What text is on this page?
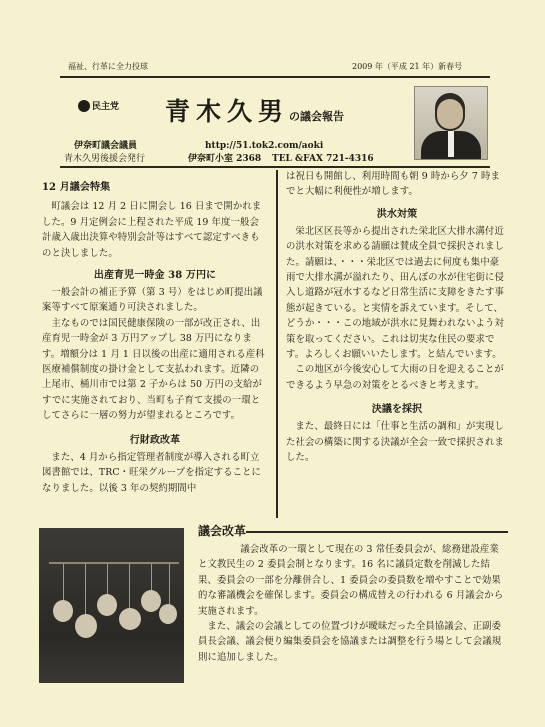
福祉、行革に全力投球	2009 年（平成 21 年）新春号
民主党 青木久男の議会報告
伊奈町議会議員
青木久男後援会発行
http://51.tok2.com/aoki
伊奈町小室 2368 TEL &FAX 721-4316
12 月議会特集

町議会は 12 月 2 日に開会し 16 日まで開かれました。9 月定例会に上程された平成 19 年度一般会計歳入歳出決算や特別会計等はすべて認定すべきものと決しました。

出産育児一時金 38 万円に

一般会計の補正予算（第 3 号）をはじめ町提出議案等すべて原案通り可決されました。

主なものでは国民健康保険の一部が改正され、出産育児一時金が 3 万円アップし 38 万円になります。増額分は 1 月 1 日以後の出産に適用される産科医療補償制度の掛け金として支払われます。近隣の上尾市、桶川市では第 2 子からは 50 万円の支給がすでに実施されており、当町も子育て支援の一環としてさらに一層の努力が望まれるところです。

行財政改革

また、4 月から指定管理者制度が導入される町立図書館では、TRC・旺栄グループを指定することになりました。以後 3 年の契約期間中

は祝日も開館し、利用時間も朝 9 時から夕 7 時までと大幅に利便性が増します。

洪水対策

栄北区区長等から提出された栄北区大排水溝付近の洪水対策を求める請願は賛成全員で採択されました。請願は、・・・栄北区では過去に何度も集中豪雨で大排水溝が溢れたり、田んぼの水が住宅街に侵入し道路が冠水するなど日常生活に支障をきたす事態が起きている。と実情を訴えています。そして、どうか・・・この地域が洪水に見舞われないよう対策を取ってください。これは切実な住民の要求です。よろしくお願いいたします。と結んでいます。

この地区が今後安心して大雨の日を迎えることができるよう早急の対策をとるべきと考えます。

決議を採択

また、最終日には「仕事と生活の調和」が実現した社会の構築に関する決議が全会一致で採択されました。

議会改革

議会改革の一環として現在の 3 常任委員会が、総務建設産業と文教民生の 2 委員会制となります。16 名に議員定数を削減した結果、委員会の一部を分離併合し、1 委員会の委員数を増やすことで効果的な審議機会を確保します。委員会の構成替えの行われる 6 月議会から実施されます。

また、議会の会議としての位置づけが曖昧だった全員協議会、正副委員長会議、議会便り編集委員会を協議または調整を行う場として会議規則に追加しました。
